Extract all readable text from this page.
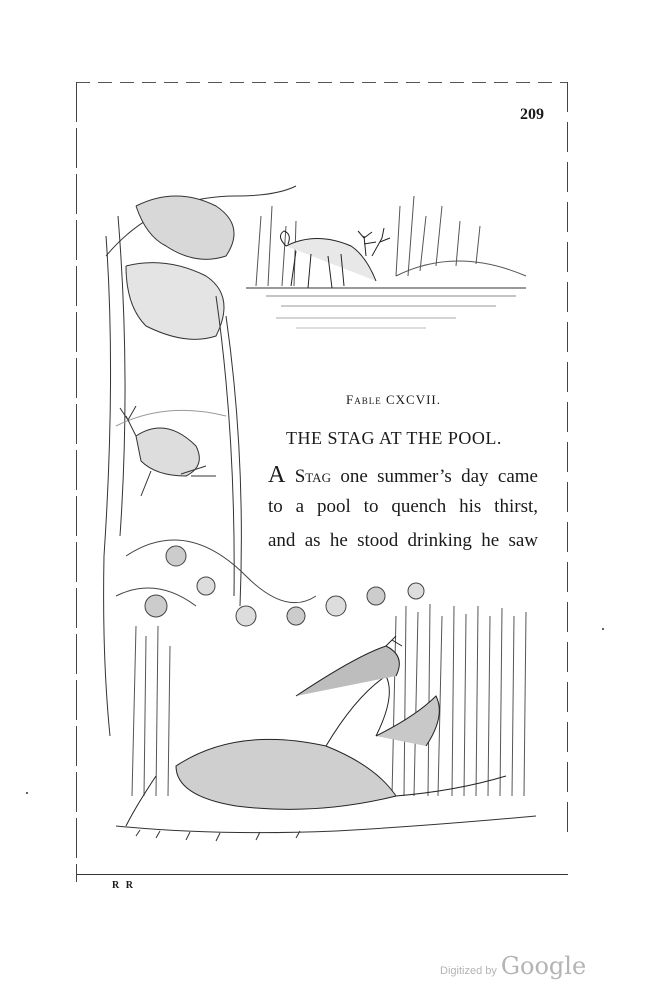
209
Fable CXCVII.
THE STAG AT THE POOL.
A Stag one summer’s day came
to a pool to quench his thirst,
and as he stood drinking he saw
R R
Digitized by Google
